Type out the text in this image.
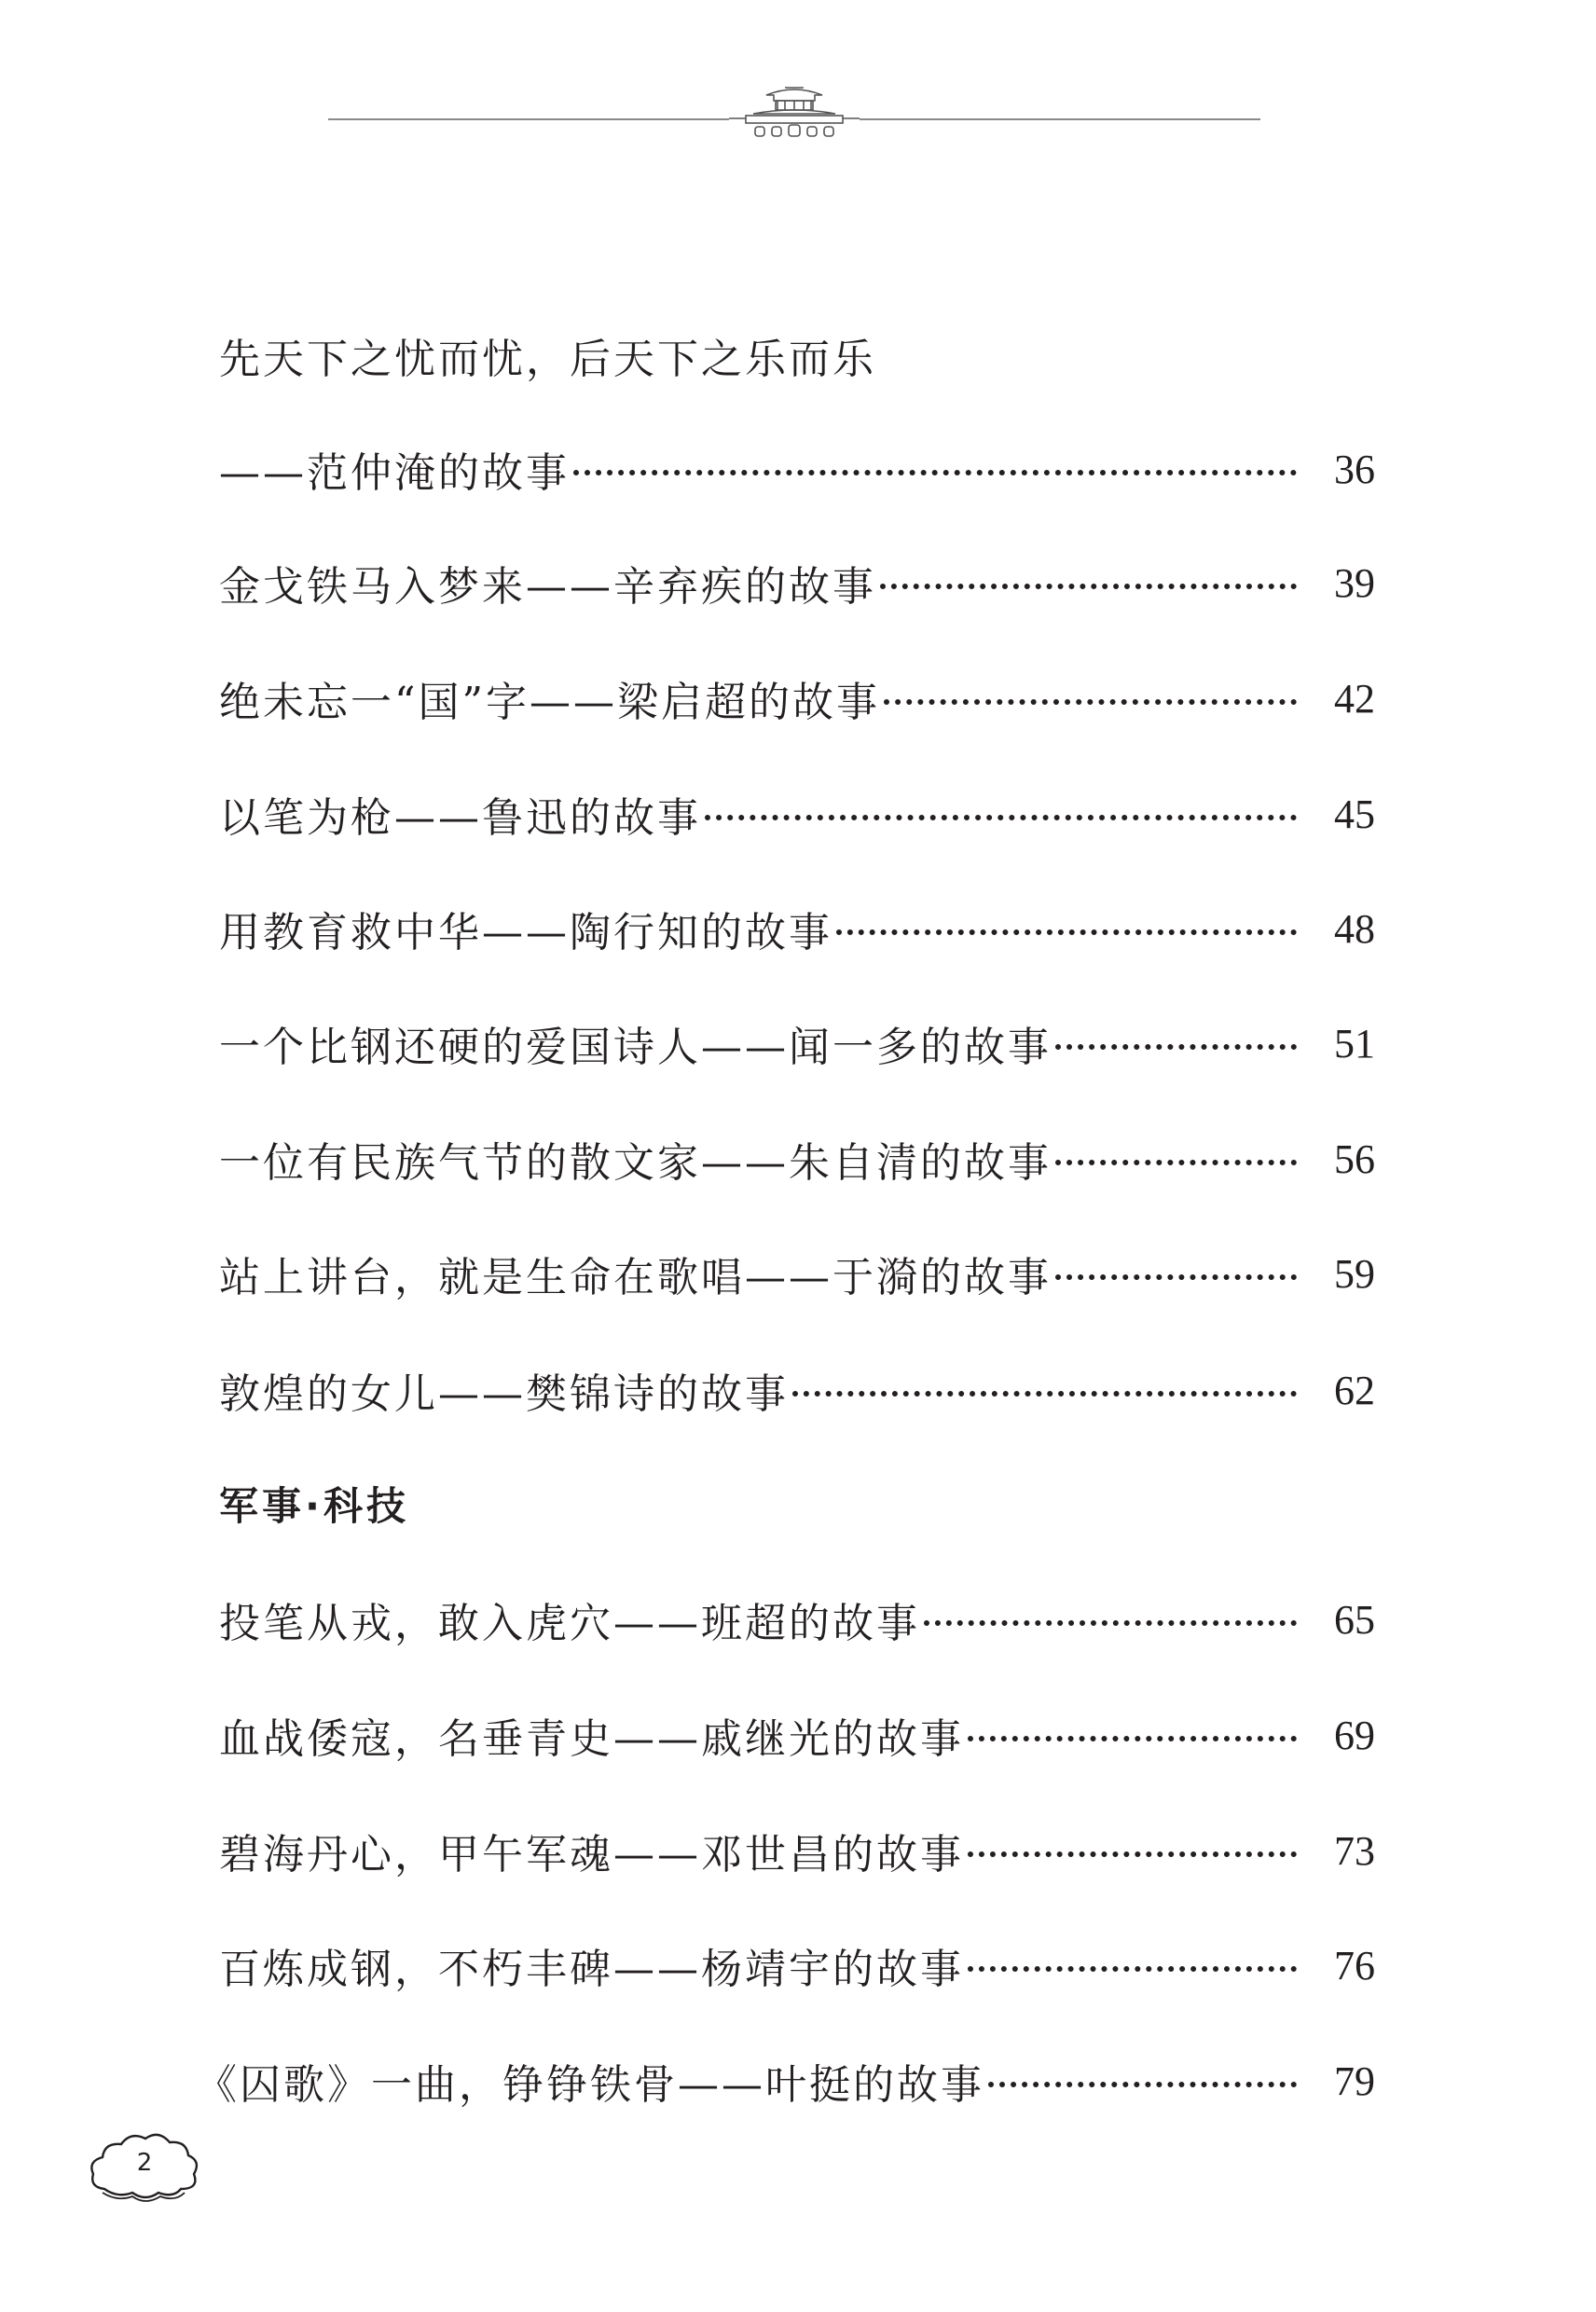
先天下之忧而忧，后天下之乐而乐
——范仲淹的故事	36
金戈铁马入梦来——辛弃疾的故事	39
绝未忘一“国”字——梁启超的故事	42
以笔为枪——鲁迅的故事	45
用教育救中华——陶行知的故事	48
一个比钢还硬的爱国诗人——闻一多的故事	51
一位有民族气节的散文家——朱自清的故事	56
站上讲台，就是生命在歌唱——于漪的故事	59
敦煌的女儿——樊锦诗的故事	62
军事·科技
投笔从戎，敢入虎穴——班超的故事	65
血战倭寇，名垂青史——戚继光的故事	69
碧海丹心，甲午军魂——邓世昌的故事	73
百炼成钢，不朽丰碑——杨靖宇的故事	76
《囚歌》一曲，铮铮铁骨——叶挺的故事	79
2
